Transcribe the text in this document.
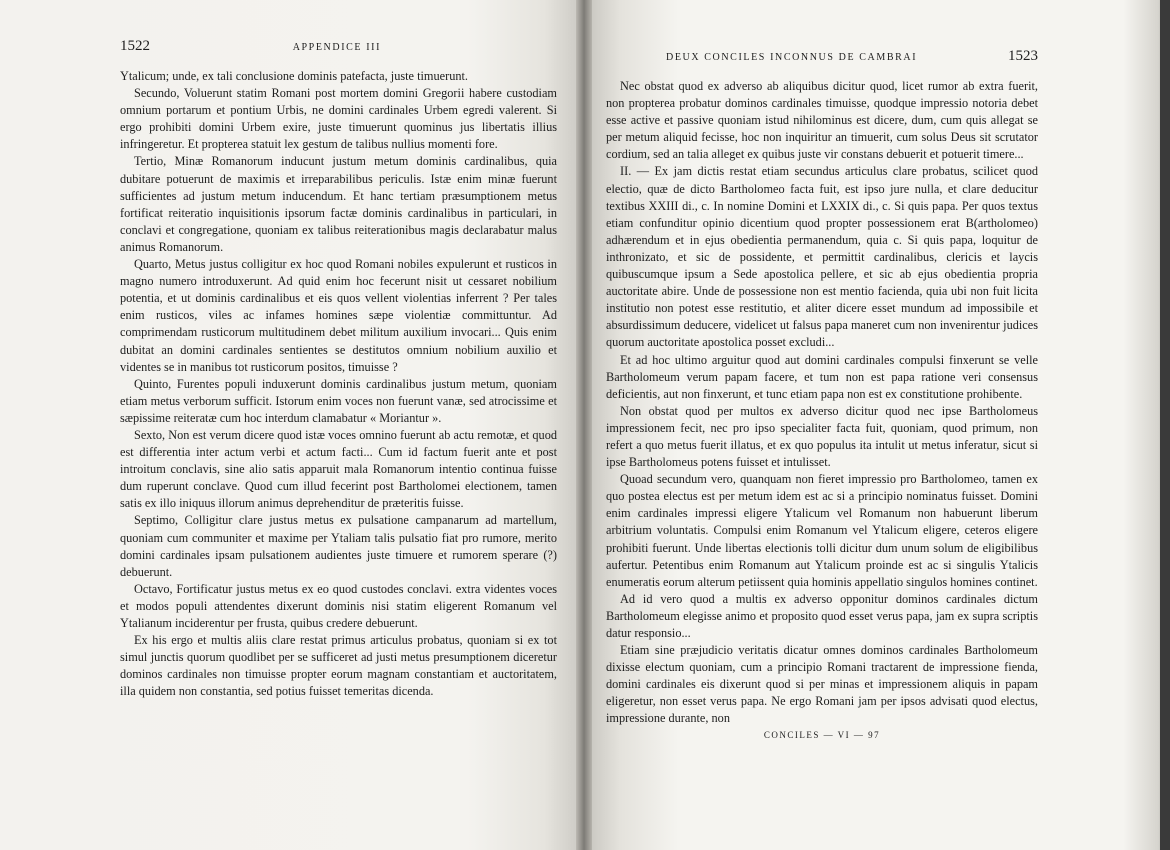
1522	APPENDICE III

Ytalicum; unde, ex tali conclusione dominis patefacta, juste timuerunt.

Secundo, Voluerunt statim Romani post mortem domini Gregorii habere custodiam omnium portarum et pontium Urbis, ne domini cardinales Urbem egredi valerent. Si ergo prohibiti domini Urbem exire, juste timuerunt quominus jus libertatis illius infringeretur. Et propterea statuit lex gestum de talibus nullius momenti fore.

Tertio, Minæ Romanorum inducunt justum metum dominis cardinalibus, quia dubitare potuerunt de maximis et irreparabilibus periculis. Istæ enim minæ fuerunt sufficientes ad justum metum inducendum. Et hanc tertiam præsumptionem metus fortificat reiteratio inquisitionis ipsorum factæ dominis cardinalibus in particulari, in conclavi et congregatione, quoniam ex talibus reiterationibus magis declarabatur malus animus Romanorum.

Quarto, Metus justus colligitur ex hoc quod Romani nobiles expulerunt et rusticos in magno numero introduxerunt. Ad quid enim hoc fecerunt nisit ut cessaret nobilium potentia, et ut dominis cardinalibus et eis quos vellent violentias inferrent ? Per tales enim rusticos, viles ac infames homines sæpe violentiæ committuntur. Ad comprimendam rusticorum multitudinem debet militum auxilium invocari... Quis enim dubitat an domini cardinales sentientes se destitutos omnium nobilium auxilio et videntes se in manibus tot rusticorum positos, timuisse ?

Quinto, Furentes populi induxerunt dominis cardinalibus justum metum, quoniam etiam metus verborum sufficit. Istorum enim voces non fuerunt vanæ, sed atrocissime et sæpissime reiteratæ cum hoc interdum clamabatur « Moriantur ».

Sexto, Non est verum dicere quod istæ voces omnino fuerunt ab actu remotæ, et quod est differentia inter actum verbi et actum facti... Cum id factum fuerit ante et post introitum conclavis, sine alio satis apparuit mala Romanorum intentio continua fuisse dum ruperunt conclave. Quod cum illud fecerint post Bartholomei electionem, tamen satis ex illo iniquus illorum animus deprehenditur de præteritis fuisse.

Septimo, Colligitur clare justus metus ex pulsatione campanarum ad martellum, quoniam cum communiter et maxime per Ytaliam talis pulsatio fiat pro rumore, merito domini cardinales ipsam pulsationem audientes juste timuere et rumorem sperare (?) debuerunt.

Octavo, Fortificatur justus metus ex eo quod custodes conclavi. extra videntes voces et modos populi attendentes dixerunt dominis nisi statim eligerent Romanum vel Ytalianum inciderentur per frusta, quibus credere debuerunt.

Ex his ergo et multis aliis clare restat primus articulus probatus, quoniam si ex tot simul junctis quorum quodlibet per se sufficeret ad justi metus presumptionem diceretur dominos cardinales non timuisse propter eorum magnam constantiam et auctoritatem, illa quidem non constantia, sed potius fuisset temeritas dicenda.

1523
DEUX CONCILES INCONNUS DE CAMBRAI

Nec obstat quod ex adverso ab aliquibus dicitur quod, licet rumor ab extra fuerit, non propterea probatur dominos cardinales timuisse, quodque impressio notoria debet esse active et passive quoniam istud nihilominus est dicere, dum, cum quis allegat se per metum aliquid fecisse, hoc non inquiritur an timuerit, cum solus Deus sit scrutator cordium, sed an talia alleget ex quibus juste vir constans debuerit et potuerit timere...

II. — Ex jam dictis restat etiam secundus articulus clare probatus, scilicet quod electio, quæ de dicto Bartholomeo facta fuit, est ipso jure nulla, et clare deducitur textibus XXIII di., c. In nomine Domini et LXXIX di., c. Si quis papa. Per quos textus etiam confunditur opinio dicentium quod propter possessionem erat B(artholomeo) adhærendum et in ejus obedientia permanendum, quia c. Si quis papa, loquitur de inthronizato, et sic de possidente, et permittit cardinalibus, clericis et laycis quibuscumque ipsum a Sede apostolica pellere, et sic ab ejus obedientia propria auctoritate abire. Unde de possessione non est mentio facienda, quia ubi non fuit licita institutio non potest esse restitutio, et aliter dicere esset mundum ad impossibile et absurdissimum deducere, videlicet ut falsus papa maneret cum non invenirentur judices quorum auctoritate apostolica posset excludi...

Et ad hoc ultimo arguitur quod aut domini cardinales compulsi finxerunt se velle Bartholomeum verum papam facere, et tum non est papa ratione veri consensus deficientis, aut non finxerunt, et tunc etiam papa non est ex constitutione prohibente.

Non obstat quod per multos ex adverso dicitur quod nec ipse Bartholomeus impressionem fecit, nec pro ipso specialiter facta fuit, quoniam, quod primum, non refert a quo metus fuerit illatus, et ex quo populus ita intulit ut metus inferatur, sicut si ipse Bartholomeus potens fuisset et intulisset.

Quoad secundum vero, quanquam non fieret impressio pro Bartholomeo, tamen ex quo postea electus est per metum idem est ac si a principio nominatus fuisset. Domini enim cardinales impressi eligere Ytalicum vel Romanum non habuerunt liberum arbitrium voluntatis. Compulsi enim Romanum vel Ytalicum eligere, ceteros eligere prohibiti fuerunt. Unde libertas electionis tolli dicitur dum unum solum de eligibilibus aufertur. Petentibus enim Romanum aut Ytalicum proinde est ac si singulis Ytalicis enumeratis eorum alterum petiissent quia hominis appellatio singulos homines continet.

Ad id vero quod a multis ex adverso opponitur dominos cardinales dictum Bartholomeum elegisse animo et proposito quod esset verus papa, jam ex supra scriptis datur responsio...

Etiam sine præjudicio veritatis dicatur omnes dominos cardinales Bartholomeum dixisse electum quoniam, cum a principio Romani tractarent de impressione fienda, domini cardinales eis dixerunt quod si per minas et impressionem aliquis in papam eligeretur, non esset verus papa. Ne ergo Romani jam per ipsos advisati quod electus, impressione durante, non

CONCILES — VI — 97
